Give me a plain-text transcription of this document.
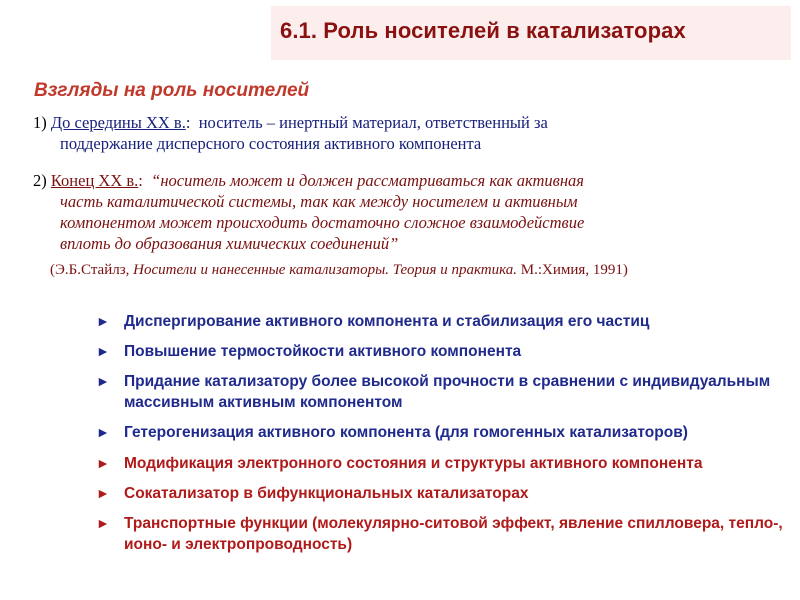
6.1. Роль носителей в катализаторах
Взгляды на роль носителей
1) До середины XX в.: носитель – инертный материал, ответственный за
поддержание дисперсного состояния активного компонента
2) Конец XX в.: “носитель может и должен рассматриваться как активная
часть каталитической системы, так как между носителем и активным
компонентом может происходить достаточно сложное взаимодействие
вплоть до образования химических соединений”
(Э.Б.Стайлз, Носители и нанесенные катализаторы. Теория и практика. М.:Химия, 1991)
► Диспергирование активного компонента и стабилизация его частиц
► Повышение термостойкости активного компонента
► Придание катализатору более высокой прочности в сравнении с индивидуальным массивным активным компонентом
► Гетерогенизация активного компонента (для гомогенных катализаторов)
► Модификация электронного состояния и структуры активного компонента
► Сокатализатор в бифункциональных катализаторах
► Транспортные функции (молекулярно-ситовой эффект, явление спилловера, тепло-, ионо- и электропроводность)
